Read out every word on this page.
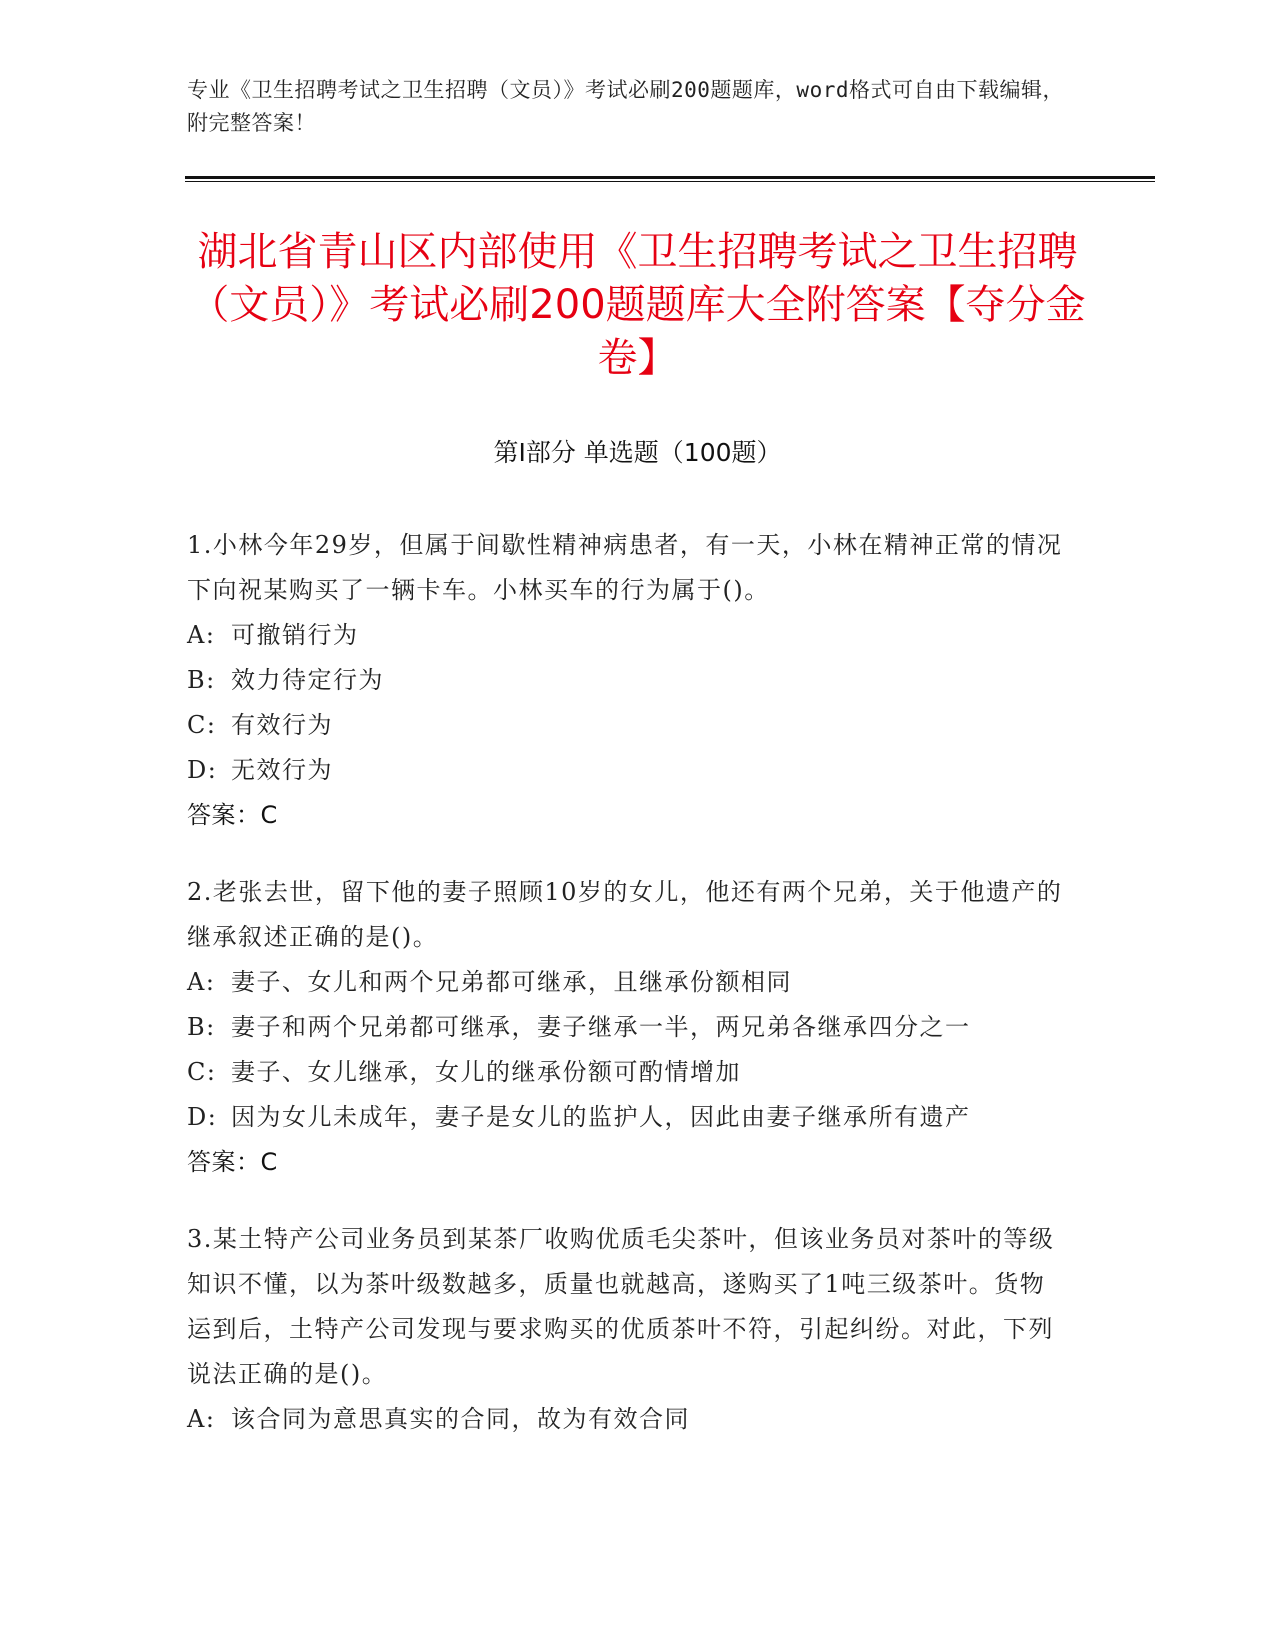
专业《卫生招聘考试之卫生招聘（文员）》考试必刷200题题库，word格式可自由下载编辑，附完整答案！
湖北省青山区内部使用《卫生招聘考试之卫生招聘（文员）》考试必刷200题题库大全附答案【夺分金卷】
第Ⅰ部分 单选题（100题）
1.小林今年29岁，但属于间歇性精神病患者，有一天，小林在精神正常的情况下向祝某购买了一辆卡车。小林买车的行为属于()。
A: 可撤销行为
B: 效力待定行为
C: 有效行为
D: 无效行为
答案：C
2.老张去世，留下他的妻子照顾10岁的女儿，他还有两个兄弟，关于他遗产的继承叙述正确的是()。
A: 妻子、女儿和两个兄弟都可继承，且继承份额相同
B: 妻子和两个兄弟都可继承，妻子继承一半，两兄弟各继承四分之一
C: 妻子、女儿继承，女儿的继承份额可酌情增加
D: 因为女儿未成年，妻子是女儿的监护人，因此由妻子继承所有遗产
答案：C
3.某土特产公司业务员到某茶厂收购优质毛尖茶叶，但该业务员对茶叶的等级知识不懂，以为茶叶级数越多，质量也就越高，遂购买了1吨三级茶叶。货物运到后，土特产公司发现与要求购买的优质茶叶不符，引起纠纷。对此，下列说法正确的是()。
A: 该合同为意思真实的合同，故为有效合同
